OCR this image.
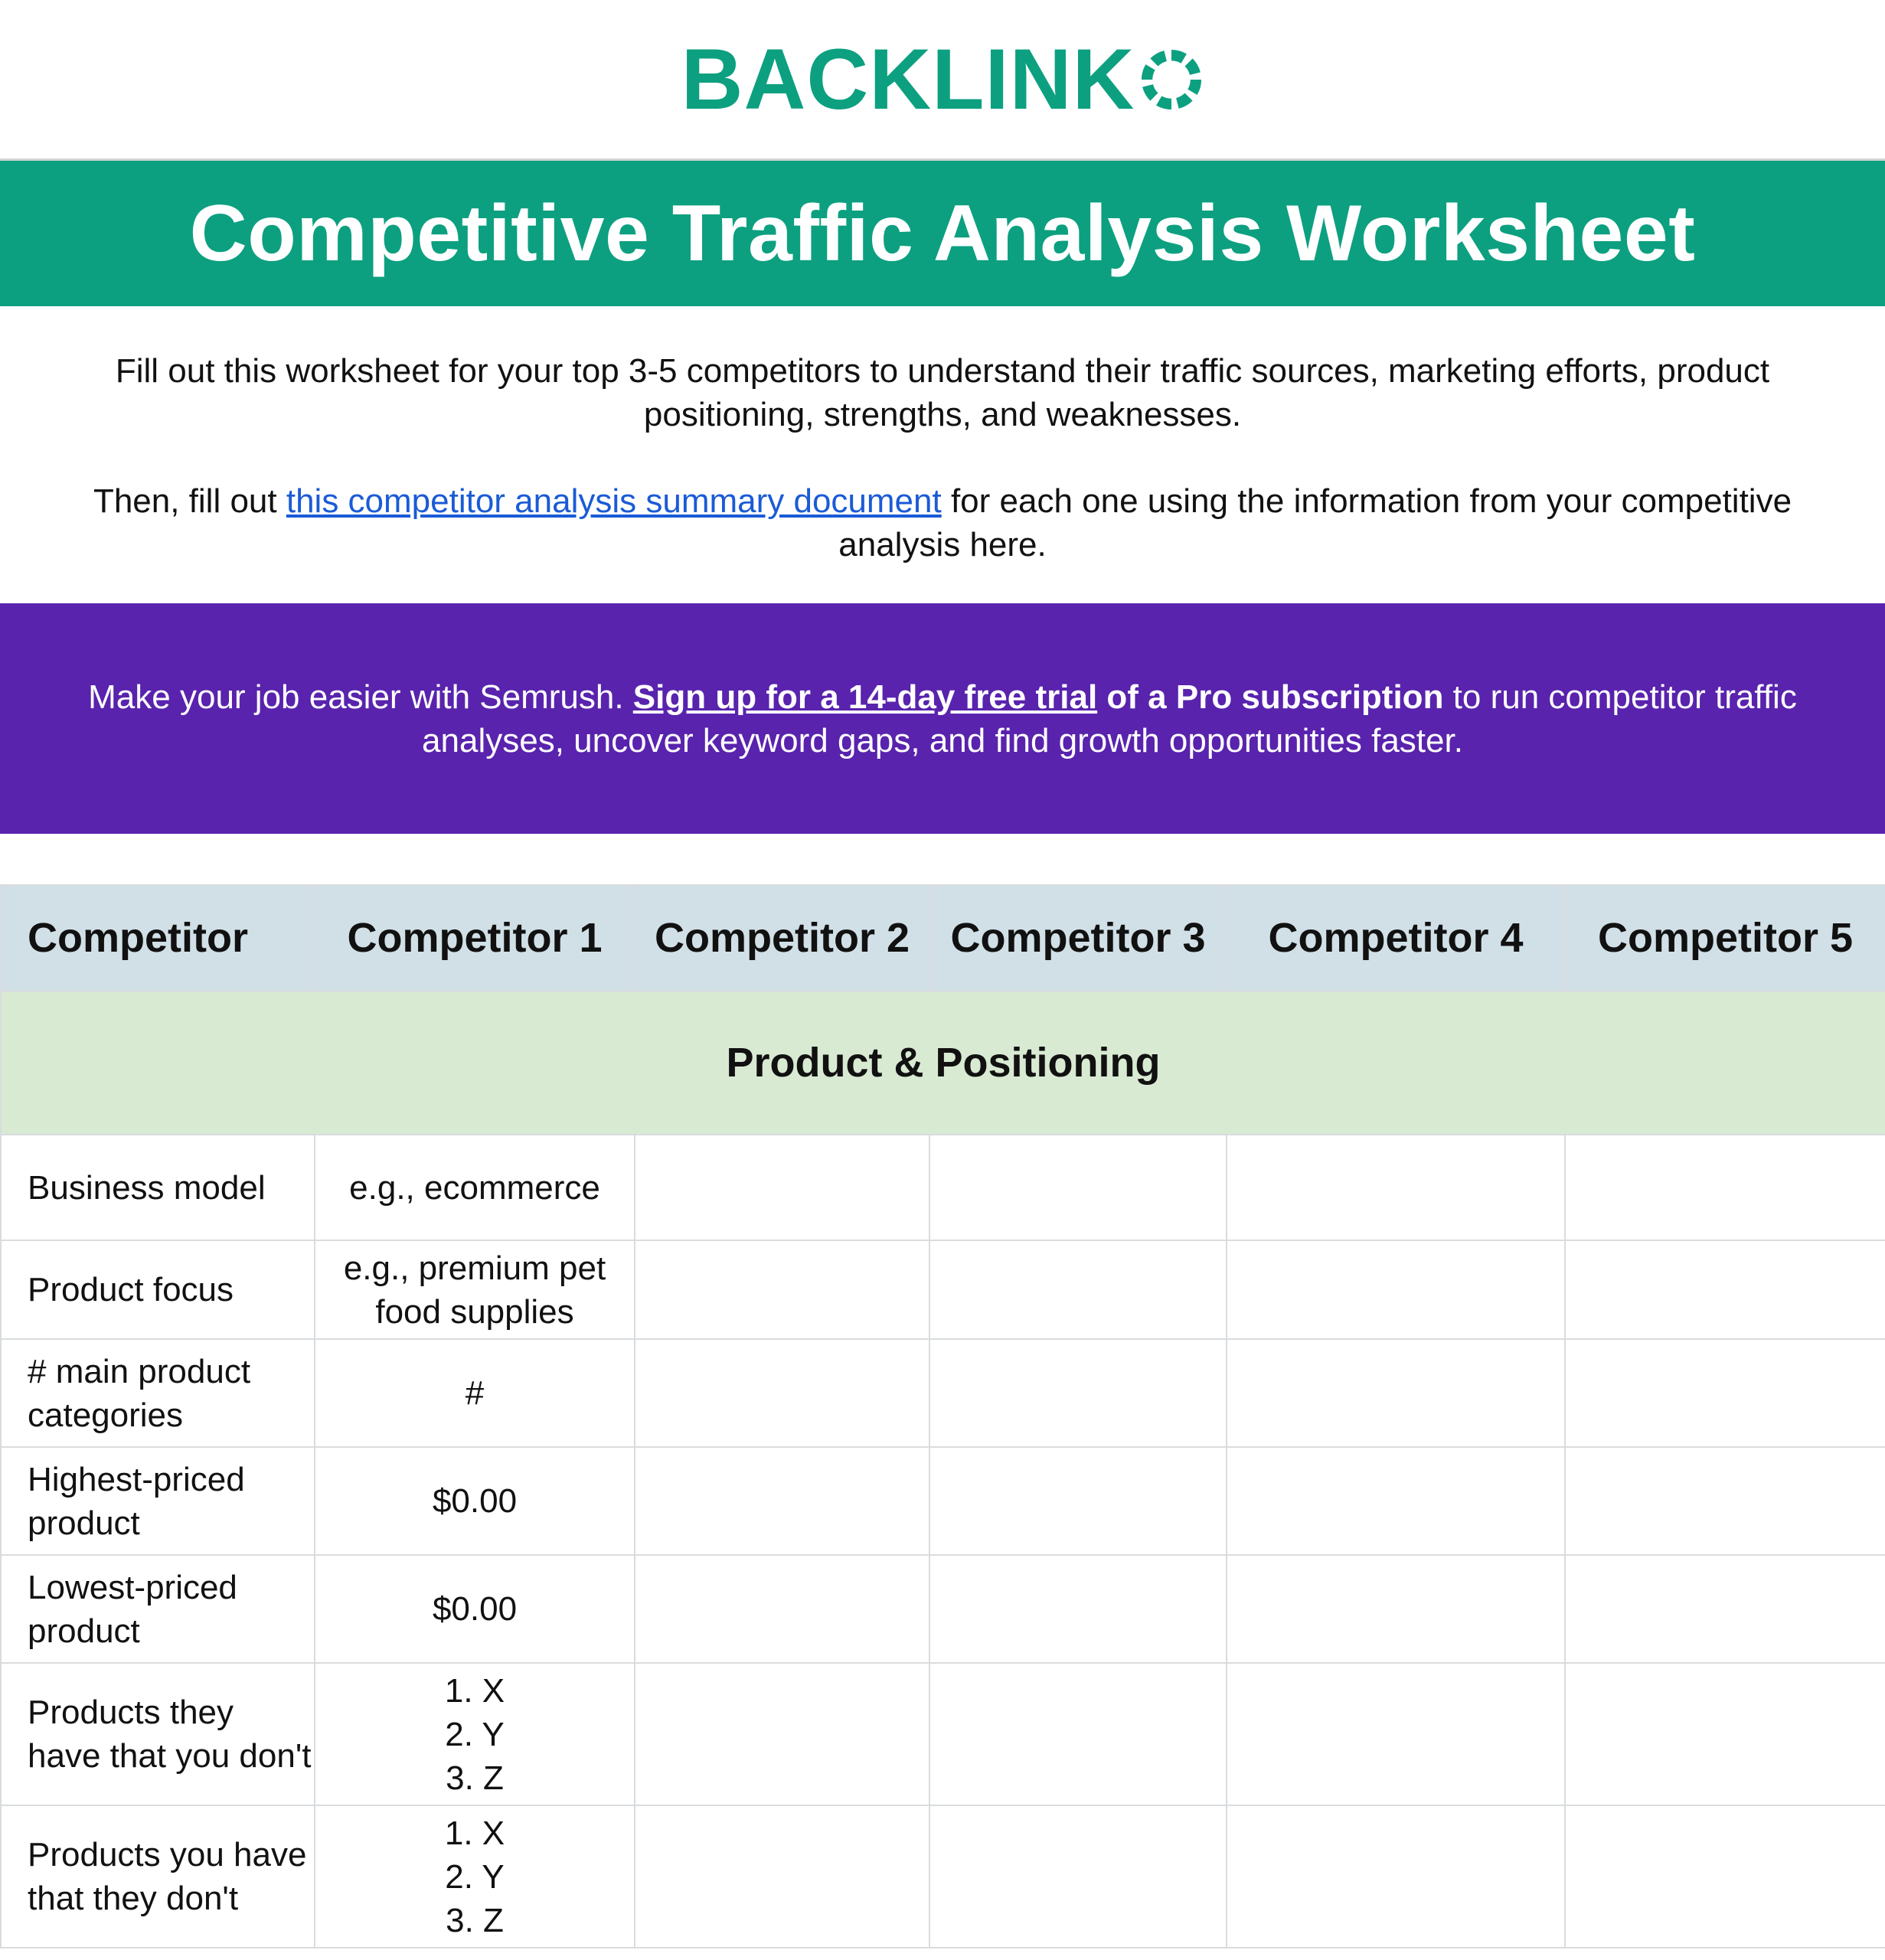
BACKLINK
Competitive Traffic Analysis Worksheet

Fill out this worksheet for your top 3-5 competitors to understand their traffic sources, marketing efforts, product positioning, strengths, and weaknesses.

Then, fill out this competitor analysis summary document for each one using the information from your competitive analysis here.

Make your job easier with Semrush. Sign up for a 14-day free trial of a Pro subscription to run competitor traffic analyses, uncover keyword gaps, and find growth opportunities faster.

Competitor	Competitor 1	Competitor 2	Competitor 3	Competitor 4	Competitor 5
Product & Positioning					
Business model	e.g., ecommerce				
Product focus	e.g., premium pet food supplies				
# main product categories	#				
Highest-priced product	$0.00				
Lowest-priced product	$0.00				
Products they have that you don't	1. X
2. Y
3. Z				

Products you have that they don't	1. X
2. Y
3. Z				
